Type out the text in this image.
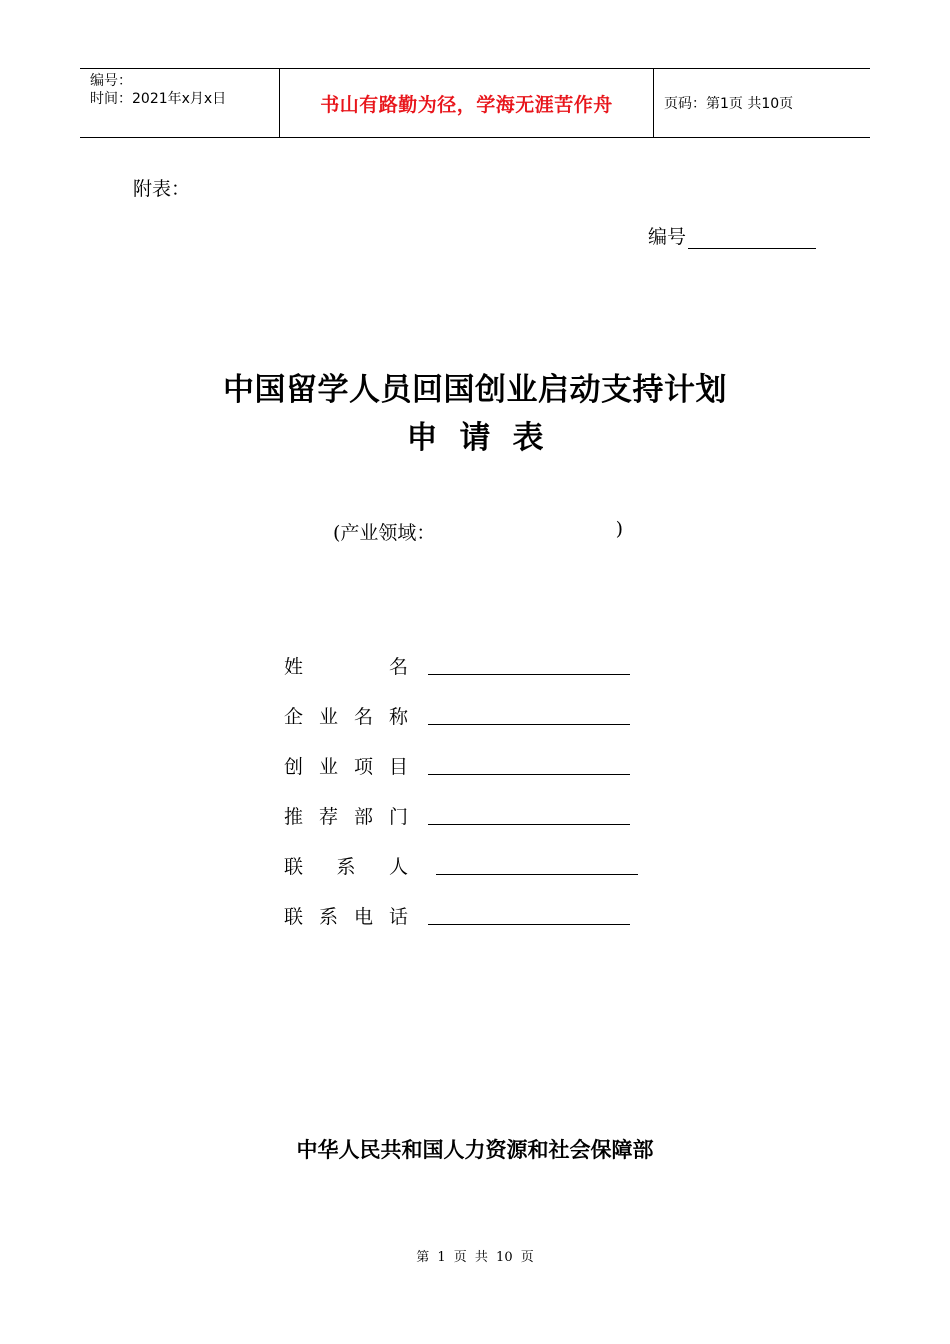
编号：
时间：2021年x月x日	书山有路勤为径，学海无涯苦作舟	页码：第1页 共10页
附表：
编号
中国留学人员回国创业启动支持计划
申请表
(产业领域：	)
姓	名
企 业 名 称
创 业 项 目
推 荐 部 门
联 系 人
联 系 电 话
中华人民共和国人力资源和社会保障部
第 1 页 共 10 页
